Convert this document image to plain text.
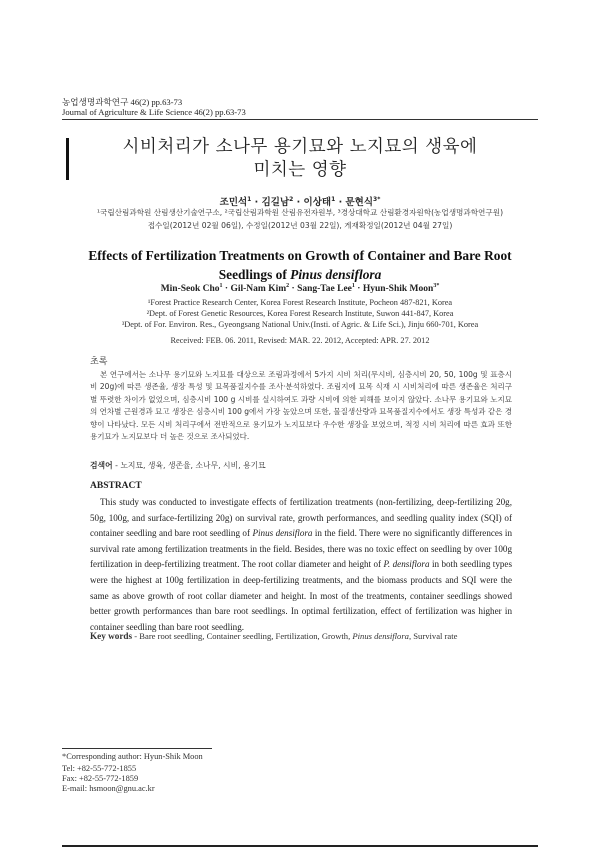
농업생명과학연구 46(2) pp.63-73
Journal of Agriculture & Life Science 46(2) pp.63-73
시비처리가 소나무 용기묘와 노지묘의 생육에
미치는 영향
조민석$^1$ · 김길남$^2$ · 이상태$^1$ · 문현식$^{3*}$
¹국립산림과학원 산림생산기술연구소, ²국립산림과학원 산림유전자원부, ³경상대학교 산림환경자원학(농업생명과학연구원)
접수일(2012년 02월 06일), 수정일(2012년 03월 22일), 게재확정일(2012년 04월 27일)
Effects of Fertilization Treatments on Growth of Container and Bare Root
Seedlings of Pinus densiflora
Min-Seok Cho$^1$ · Gil-Nam Kim$^2$ · Sang-Tae Lee$^1$ · Hyun-Shik Moon$^{3*}$
¹Forest Practice Research Center, Korea Forest Research Institute, Pocheon 487-821, Korea
²Dept. of Forest Genetic Resources, Korea Forest Research Institute, Suwon 441-847, Korea
³Dept. of For. Environ. Res., Gyeongsang National Univ.(Insti. of Agric. & Life Sci.), Jinju 660-701, Korea
Received: FEB. 06. 2011, Revised: MAR. 22. 2012, Accepted: APR. 27. 2012
초록
본 연구에서는 소나무 용기묘와 노지묘를 대상으로 조림과정에서 5가지 시비 처리(무시비, 심층시비 20, 50, 100g 및 표층시비 20g)에 따른 생존율, 생장 특성 및 묘목품질지수를 조사·분석하였다. 조림지에 묘목 식재 시 시비처리에 따른 생존율은 처리구별 뚜렷한 차이가 없었으며, 심층시비 100 g 시비를 실시하여도 과량 시비에 의한 피해를 보이지 않았다. 소나무 용기묘와 노지묘의 연차별 근원경과 묘고 생장은 심층시비 100 g에서 가장 높았으며 또한, 물질생산량과 묘목품질지수에서도 생장 특성과 같은 경향이 나타났다. 모든 시비 처리구에서 전반적으로 용기묘가 노지묘보다 우수한 생장을 보였으며, 적정 시비 처리에 따른 효과 또한 용기묘가 노지묘보다 더 높은 것으로 조사되었다.
검색어 - 노지묘, 생육, 생존율, 소나무, 시비, 용기묘
ABSTRACT
This study was conducted to investigate effects of fertilization treatments (non-fertilizing, deep-fertilizing 20g, 50g, 100g, and surface-fertilizing 20g) on survival rate, growth performances, and seedling quality index (SQI) of container seedling and bare root seedling of Pinus densiflora in the field. There were no significantly differences in survival rate among fertilization treatments in the field. Besides, there was no toxic effect on seedling by over 100g fertilization in deep-fertilizing treatment. The root collar diameter and height of P. densiflora in both seedling types were the highest at 100g fertilization in deep-fertilizing treatments, and the biomass products and SQI were the same as above growth of root collar diameter and height. In most of the treatments, container seedlings showed better growth performances than bare root seedlings. In optimal fertilization, effect of fertilization was higher in container seedling than bare root seedling.
Key words - Bare root seedling, Container seedling, Fertilization, Growth, Pinus densiflora, Survival rate
*Corresponding author: Hyun-Shik Moon
Tel: +82-55-772-1855
Fax: +82-55-772-1859
E-mail: hsmoon@gnu.ac.kr
